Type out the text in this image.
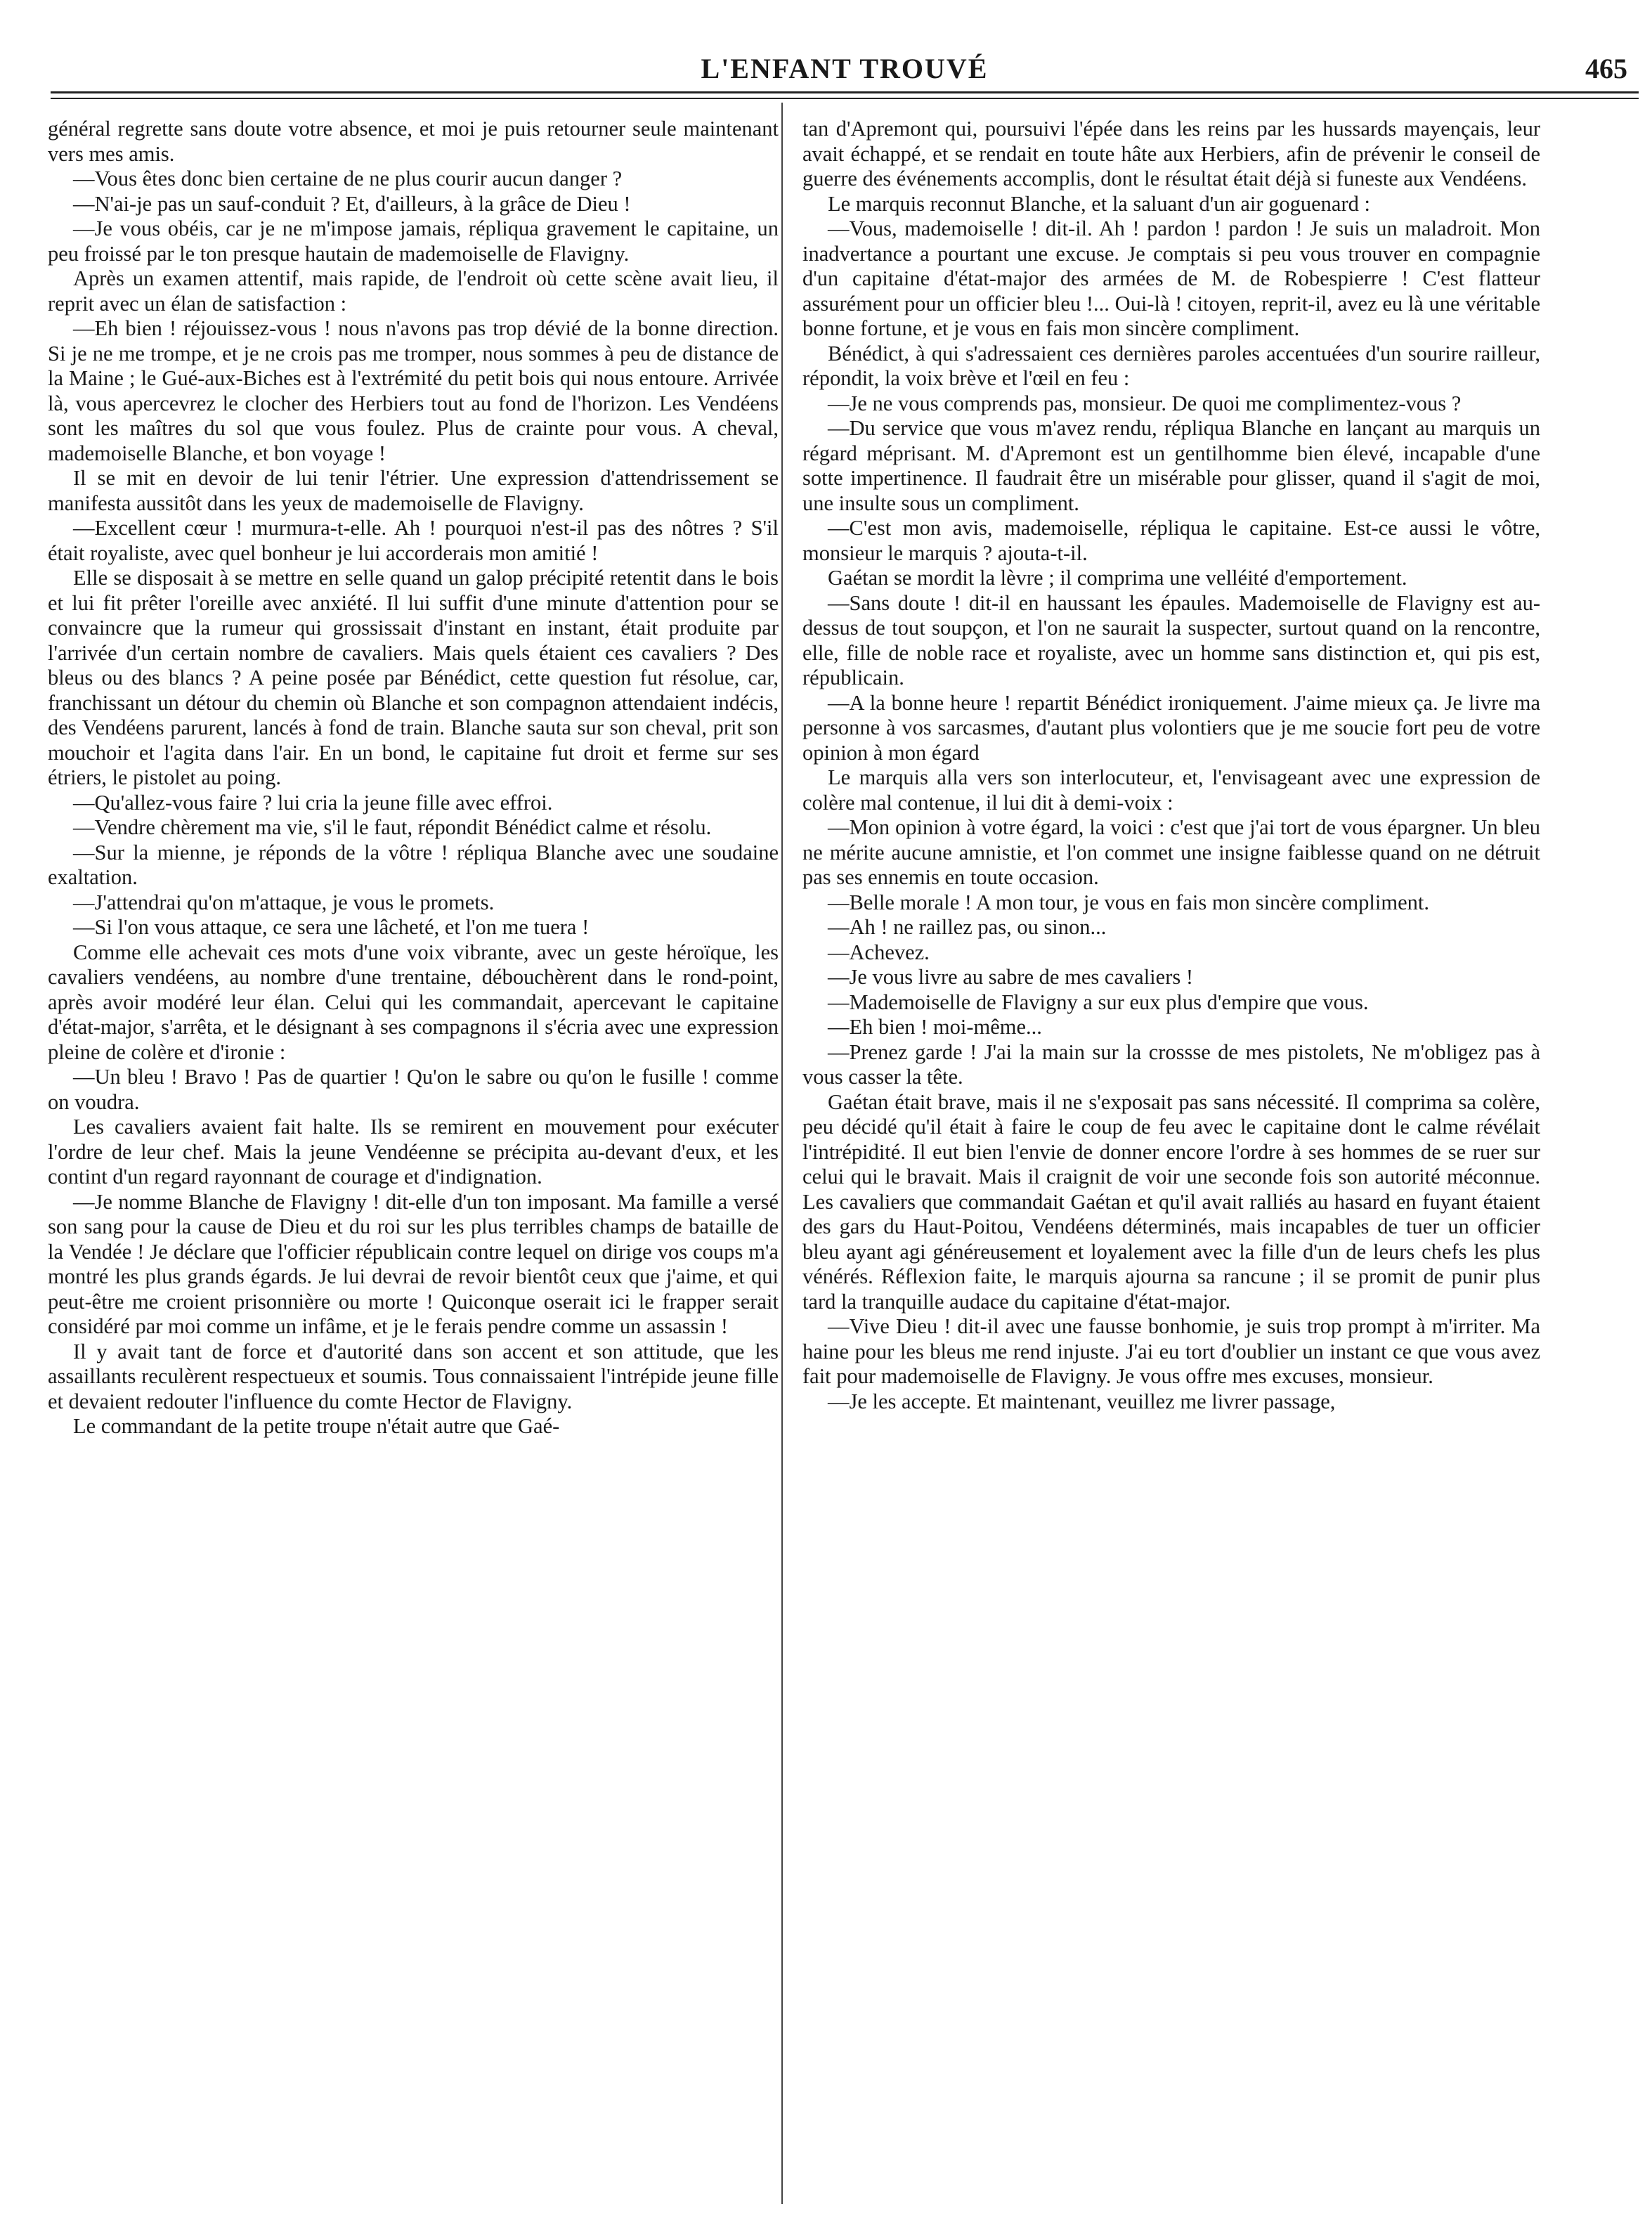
L'ENFANT TROUVÉ	465

général regrette sans doute votre absence, et moi je puis retourner seule maintenant vers mes amis.

—Vous êtes donc bien certaine de ne plus courir aucun danger ?

—N'ai-je pas un sauf-conduit ? Et, d'ailleurs, à la grâce de Dieu !

—Je vous obéis, car je ne m'impose jamais, répliqua gravement le capitaine, un peu froissé par le ton presque hautain de mademoiselle de Flavigny.

Après un examen attentif, mais rapide, de l'endroit où cette scène avait lieu, il reprit avec un élan de satisfaction :

—Eh bien ! réjouissez-vous ! nous n'avons pas trop dévié de la bonne direction. Si je ne me trompe, et je ne crois pas me tromper, nous sommes à peu de distance de la Maine ; le Gué-aux-Biches est à l'extrémité du petit bois qui nous entoure. Arrivée là, vous apercevrez le clocher des Herbiers tout au fond de l'horizon. Les Vendéens sont les maîtres du sol que vous foulez. Plus de crainte pour vous. A cheval, mademoiselle Blanche, et bon voyage !

Il se mit en devoir de lui tenir l'étrier. Une expression d'attendrissement se manifesta aussitôt dans les yeux de mademoiselle de Flavigny.

—Excellent cœur ! murmura-t-elle. Ah ! pourquoi n'est-il pas des nôtres ? S'il était royaliste, avec quel bonheur je lui accorderais mon amitié !

Elle se disposait à se mettre en selle quand un galop précipité retentit dans le bois et lui fit prêter l'oreille avec anxiété. Il lui suffit d'une minute d'attention pour se convaincre que la rumeur qui grossissait d'instant en instant, était produite par l'arrivée d'un certain nombre de cavaliers. Mais quels étaient ces cavaliers ? Des bleus ou des blancs ? A peine posée par Bénédict, cette question fut résolue, car, franchissant un détour du chemin où Blanche et son compagnon attendaient indécis, des Vendéens parurent, lancés à fond de train. Blanche sauta sur son cheval, prit son mouchoir et l'agita dans l'air. En un bond, le capitaine fut droit et ferme sur ses étriers, le pistolet au poing.

—Qu'allez-vous faire ? lui cria la jeune fille avec effroi.

—Vendre chèrement ma vie, s'il le faut, répondit Bénédict calme et résolu.

—Sur la mienne, je réponds de la vôtre ! répliqua Blanche avec une soudaine exaltation.

—J'attendrai qu'on m'attaque, je vous le promets.

—Si l'on vous attaque, ce sera une lâcheté, et l'on me tuera !

Comme elle achevait ces mots d'une voix vibrante, avec un geste héroïque, les cavaliers vendéens, au nombre d'une trentaine, débouchèrent dans le rond-point, après avoir modéré leur élan. Celui qui les commandait, apercevant le capitaine d'état-major, s'arrêta, et le désignant à ses compagnons il s'écria avec une expression pleine de colère et d'ironie :

—Un bleu ! Bravo ! Pas de quartier ! Qu'on le sabre ou qu'on le fusille ! comme on voudra.

Les cavaliers avaient fait halte. Ils se remirent en mouvement pour exécuter l'ordre de leur chef. Mais la jeune Vendéenne se précipita au-devant d'eux, et les contint d'un regard rayonnant de courage et d'indignation.

—Je nomme Blanche de Flavigny ! dit-elle d'un ton imposant. Ma famille a versé son sang pour la cause de Dieu et du roi sur les plus terribles champs de bataille de la Vendée ! Je déclare que l'officier républicain contre lequel on dirige vos coups m'a montré les plus grands égards. Je lui devrai de revoir bientôt ceux que j'aime, et qui peut-être me croient prisonnière ou morte ! Quiconque oserait ici le frapper serait considéré par moi comme un infâme, et je le ferais pendre comme un assassin !

Il y avait tant de force et d'autorité dans son accent et son attitude, que les assaillants reculèrent respectueux et soumis. Tous connaissaient l'intrépide jeune fille et devaient redouter l'influence du comte Hector de Flavigny.

Le commandant de la petite troupe n'était autre que Gaé-

tan d'Apremont qui, poursuivi l'épée dans les reins par les hussards mayençais, leur avait échappé, et se rendait en toute hâte aux Herbiers, afin de prévenir le conseil de guerre des événements accomplis, dont le résultat était déjà si funeste aux Vendéens.

Le marquis reconnut Blanche, et la saluant d'un air goguenard :

—Vous, mademoiselle ! dit-il. Ah ! pardon ! pardon ! Je suis un maladroit. Mon inadvertance a pourtant une excuse. Je comptais si peu vous trouver en compagnie d'un capitaine d'état-major des armées de M. de Robespierre ! C'est flatteur assurément pour un officier bleu !... Oui-là ! citoyen, reprit-il, avez eu là une véritable bonne fortune, et je vous en fais mon sincère compliment.

Bénédict, à qui s'adressaient ces dernières paroles accentuées d'un sourire railleur, répondit, la voix brève et l'œil en feu :

—Je ne vous comprends pas, monsieur. De quoi me complimentez-vous ?

—Du service que vous m'avez rendu, répliqua Blanche en lançant au marquis un régard méprisant. M. d'Apremont est un gentilhomme bien élevé, incapable d'une sotte impertinence. Il faudrait être un misérable pour glisser, quand il s'agit de moi, une insulte sous un compliment.

—C'est mon avis, mademoiselle, répliqua le capitaine. Est-ce aussi le vôtre, monsieur le marquis ? ajouta-t-il.

Gaétan se mordit la lèvre ; il comprima une velléité d'emportement.

—Sans doute ! dit-il en haussant les épaules. Mademoiselle de Flavigny est au-dessus de tout soupçon, et l'on ne saurait la suspecter, surtout quand on la rencontre, elle, fille de noble race et royaliste, avec un homme sans distinction et, qui pis est, républicain.

—A la bonne heure ! repartit Bénédict ironiquement. J'aime mieux ça. Je livre ma personne à vos sarcasmes, d'autant plus volontiers que je me soucie fort peu de votre opinion à mon égard

Le marquis alla vers son interlocuteur, et, l'envisageant avec une expression de colère mal contenue, il lui dit à demi-voix :

—Mon opinion à votre égard, la voici : c'est que j'ai tort de vous épargner. Un bleu ne mérite aucune amnistie, et l'on commet une insigne faiblesse quand on ne détruit pas ses ennemis en toute occasion.

—Belle morale ! A mon tour, je vous en fais mon sincère compliment.

—Ah ! ne raillez pas, ou sinon...

—Achevez.

—Je vous livre au sabre de mes cavaliers !

—Mademoiselle de Flavigny a sur eux plus d'empire que vous.

—Eh bien ! moi-même...

—Prenez garde ! J'ai la main sur la crossse de mes pistolets, Ne m'obligez pas à vous casser la tête.

Gaétan était brave, mais il ne s'exposait pas sans nécessité. Il comprima sa colère, peu décidé qu'il était à faire le coup de feu avec le capitaine dont le calme révélait l'intrépidité. Il eut bien l'envie de donner encore l'ordre à ses hommes de se ruer sur celui qui le bravait. Mais il craignit de voir une seconde fois son autorité méconnue. Les cavaliers que commandait Gaétan et qu'il avait ralliés au hasard en fuyant étaient des gars du Haut-Poitou, Vendéens déterminés, mais incapables de tuer un officier bleu ayant agi généreusement et loyalement avec la fille d'un de leurs chefs les plus vénérés. Réflexion faite, le marquis ajourna sa rancune ; il se promit de punir plus tard la tranquille audace du capitaine d'état-major.

—Vive Dieu ! dit-il avec une fausse bonhomie, je suis trop prompt à m'irriter. Ma haine pour les bleus me rend injuste. J'ai eu tort d'oublier un instant ce que vous avez fait pour mademoiselle de Flavigny. Je vous offre mes excuses, monsieur.

—Je les accepte. Et maintenant, veuillez me livrer passage,
